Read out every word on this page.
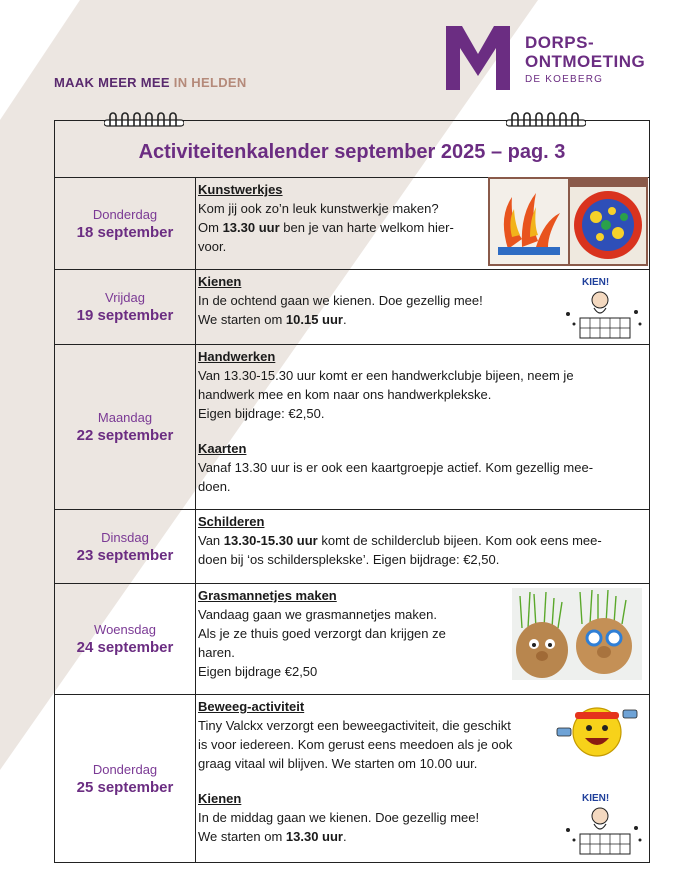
MAAK MEER MEE IN HELDEN
DORPS-
ONTMOETING
DE KOEBERG
Activiteitenkalender september 2025 – pag. 3
Donderdag
18 september
Kunstwerkjes

Kom jij ook zo’n leuk kunstwerkje maken?

Om 13.30 uur ben je van harte welkom hier-

voor.

Vrijdag
19 september
Kienen

In de ochtend gaan we kienen. Doe gezellig mee!

We starten om 10.15 uur.

Maandag
22 september
Handwerken

Van 13.30-15.30 uur komt er een handwerkclubje bijeen, neem je

handwerk mee en kom naar ons handwerkplekske.

Eigen bijdrage: €2,50.

Kaarten

Vanaf 13.30 uur is er ook een kaartgroepje actief. Kom gezellig mee-

doen.

Dinsdag
23 september
Schilderen

Van 13.30-15.30 uur komt de schilderclub bijeen. Kom ook eens mee-

doen bij ‘os schildersplekske’. Eigen bijdrage: €2,50.

Woensdag
24 september
Grasmannetjes maken

Vandaag gaan we grasmannetjes maken.

Als je ze thuis goed verzorgt dan krijgen ze

haren.

Eigen bijdrage €2,50

Donderdag
25 september
Beweeg-activiteit

Tiny Valckx verzorgt een beweegactiviteit, die geschikt

is voor iedereen. Kom gerust eens meedoen als je ook

graag vitaal wil blijven. We starten om 10.00 uur.

Kienen

In de middag gaan we kienen. Doe gezellig mee!

We starten om 13.30 uur.

KIEN!
KIEN!
